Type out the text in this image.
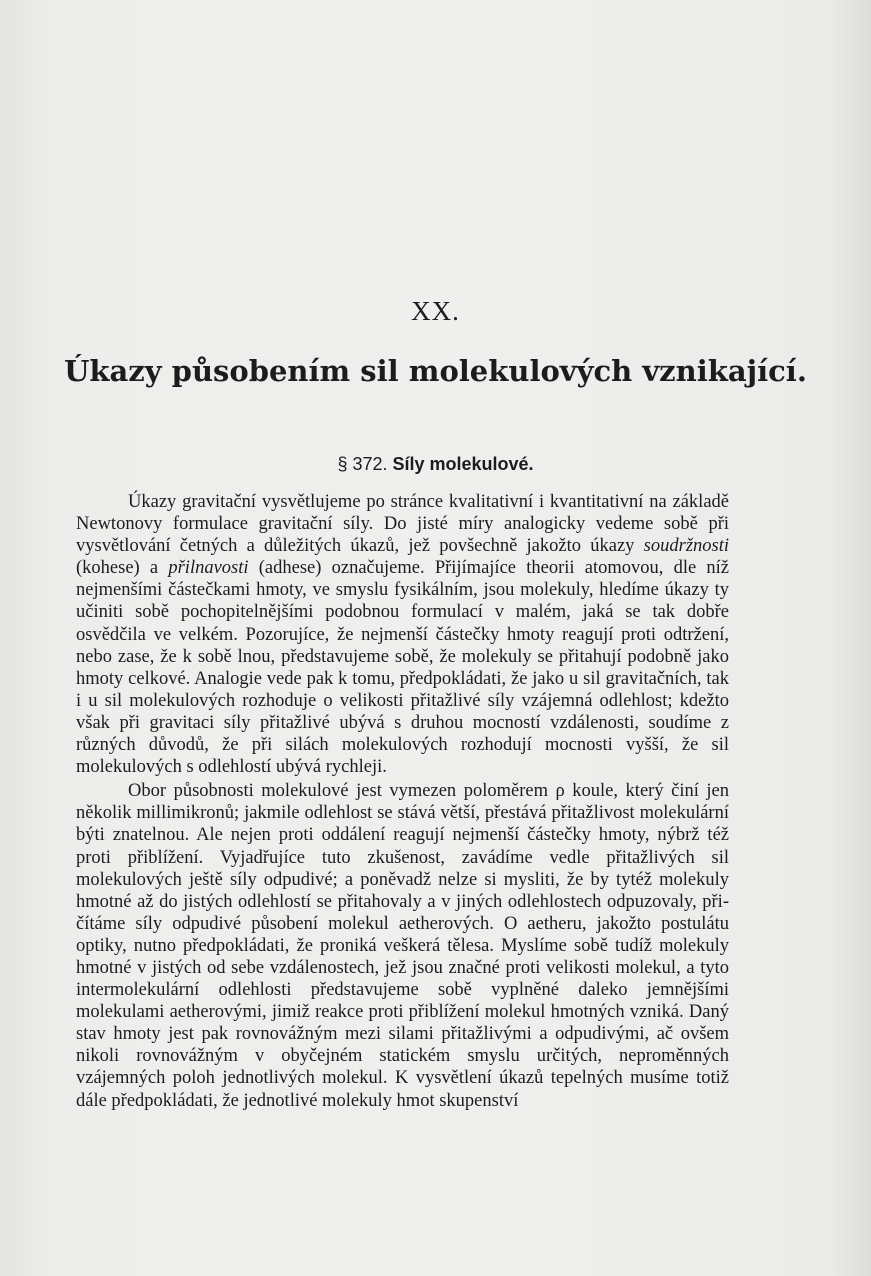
XX.
Úkazy působením sil molekulových vznikající.
§ 372. Síly molekulové.

Úkazy gravitační vysvětlujeme po stránce kvalitativní i kvantitativní na základě Newtonovy formulace gravitační síly. Do jisté míry analogicky vedeme sobě při vysvětlování četných a důležitých úkazů, jež povšechně jakožto úkazy soudržnosti (kohese) a přilnavosti (adhese) označujeme. Přijímajíce theorii atomovou, dle níž nejmenšími částečkami hmoty, ve smyslu fysikálním, jsou molekuly, hledíme úkazy ty učiniti sobě pochopitelnějšími podobnou formulací v malém, jaká se tak dobře osvědčila ve velkém. Pozorujíce, že nejmenší částečky hmoty reagují proti odtržení, nebo zase, že k sobě lnou, představujeme sobě, že molekuly se přitahují podobně jako hmoty celkové. Analogie vede pak k tomu, předpokládati, že jako u sil gravitačních, tak i u sil molekulových rozhoduje o velikosti přitažlivé síly vzájemná odlehlost; kdežto však při gravitaci síly přitažlivé ubývá s druhou mocností vzdálenosti, soudíme z různých důvodů, že při silách molekulových rozhodují mocnosti vyšší, že sil molekulových s odlehlostí ubývá rychleji.

Obor působnosti molekulové jest vymezen poloměrem ρ koule, který činí jen několik millimikronů; jakmile odlehlost se stává větší, přestává přitažlivost molekulární býti znatelnou. Ale nejen proti oddálení reagují nejmenší částečky hmoty, nýbrž též proti přiblížení. Vyjadřujíce tuto zkušenost, zavádíme vedle přitažlivých sil molekulových ještě síly odpudivé; a poněvadž nelze si mysliti, že by tytéž molekuly hmotné až do jistých odlehlostí se přitahovaly a v jiných odlehlostech odpuzovaly, přičítáme síly odpudivé působení molekul aetherových. O aetheru, jakožto postulátu optiky, nutno předpokládati, že proniká veškerá tělesa. Myslíme sobě tudíž molekuly hmotné v jistých od sebe vzdálenostech, jež jsou značné proti velikosti molekul, a tyto intermolekulární odlehlosti představujeme sobě vyplněné daleko jemnějšími molekulami aetherovými, jimiž reakce proti přiblížení molekul hmotných vzniká. Daný stav hmoty jest pak rovnovážným mezi silami přitažlivými a odpudivými, ač ovšem nikoli rovnovážným v obyčejném statickém smyslu určitých, neproměnných vzájemných poloh jednotlivých molekul. K vysvětlení úkazů tepelných musíme totiž dále předpokládati, že jednotlivé molekuly hmot skupenství
